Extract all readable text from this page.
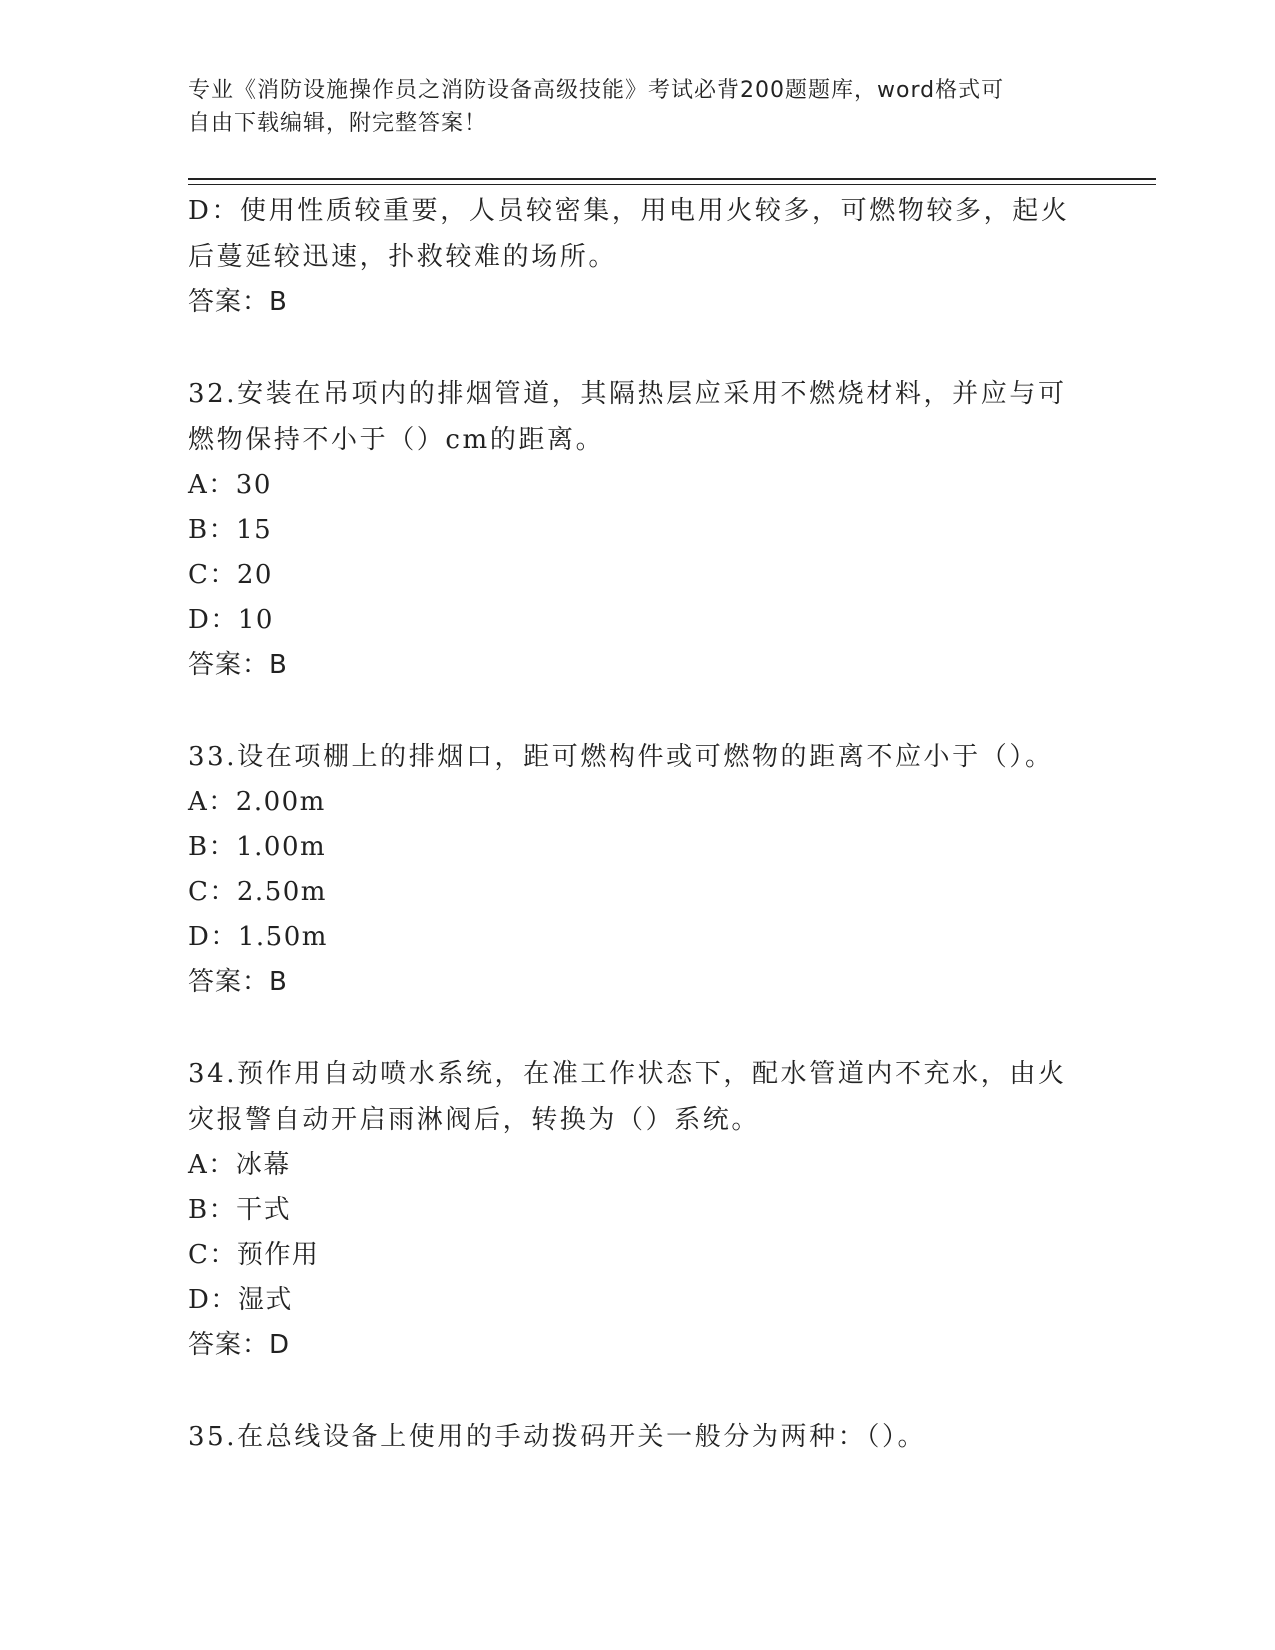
专业《消防设施操作员之消防设备高级技能》考试必背200题题库，word格式可
自由下载编辑，附完整答案！

D：使用性质较重要，人员较密集，用电用火较多，可燃物较多，起火后蔓延较迅速，扑救较难的场所。

答案：B

32.安装在吊项内的排烟管道，其隔热层应采用不燃烧材料，并应与可燃物保持不小于（）cm的距离。

A：30

B：15

C：20

D：10

答案：B

33.设在项棚上的排烟口，距可燃构件或可燃物的距离不应小于（）。

A：2.00m

B：1.00m

C：2.50m

D：1.50m

答案：B

34.预作用自动喷水系统，在准工作状态下，配水管道内不充水，由火灾报警自动开启雨淋阀后，转换为（）系统。

A：冰幕

B：干式

C：预作用

D：湿式

答案：D

35.在总线设备上使用的手动拨码开关一般分为两种：（）。
